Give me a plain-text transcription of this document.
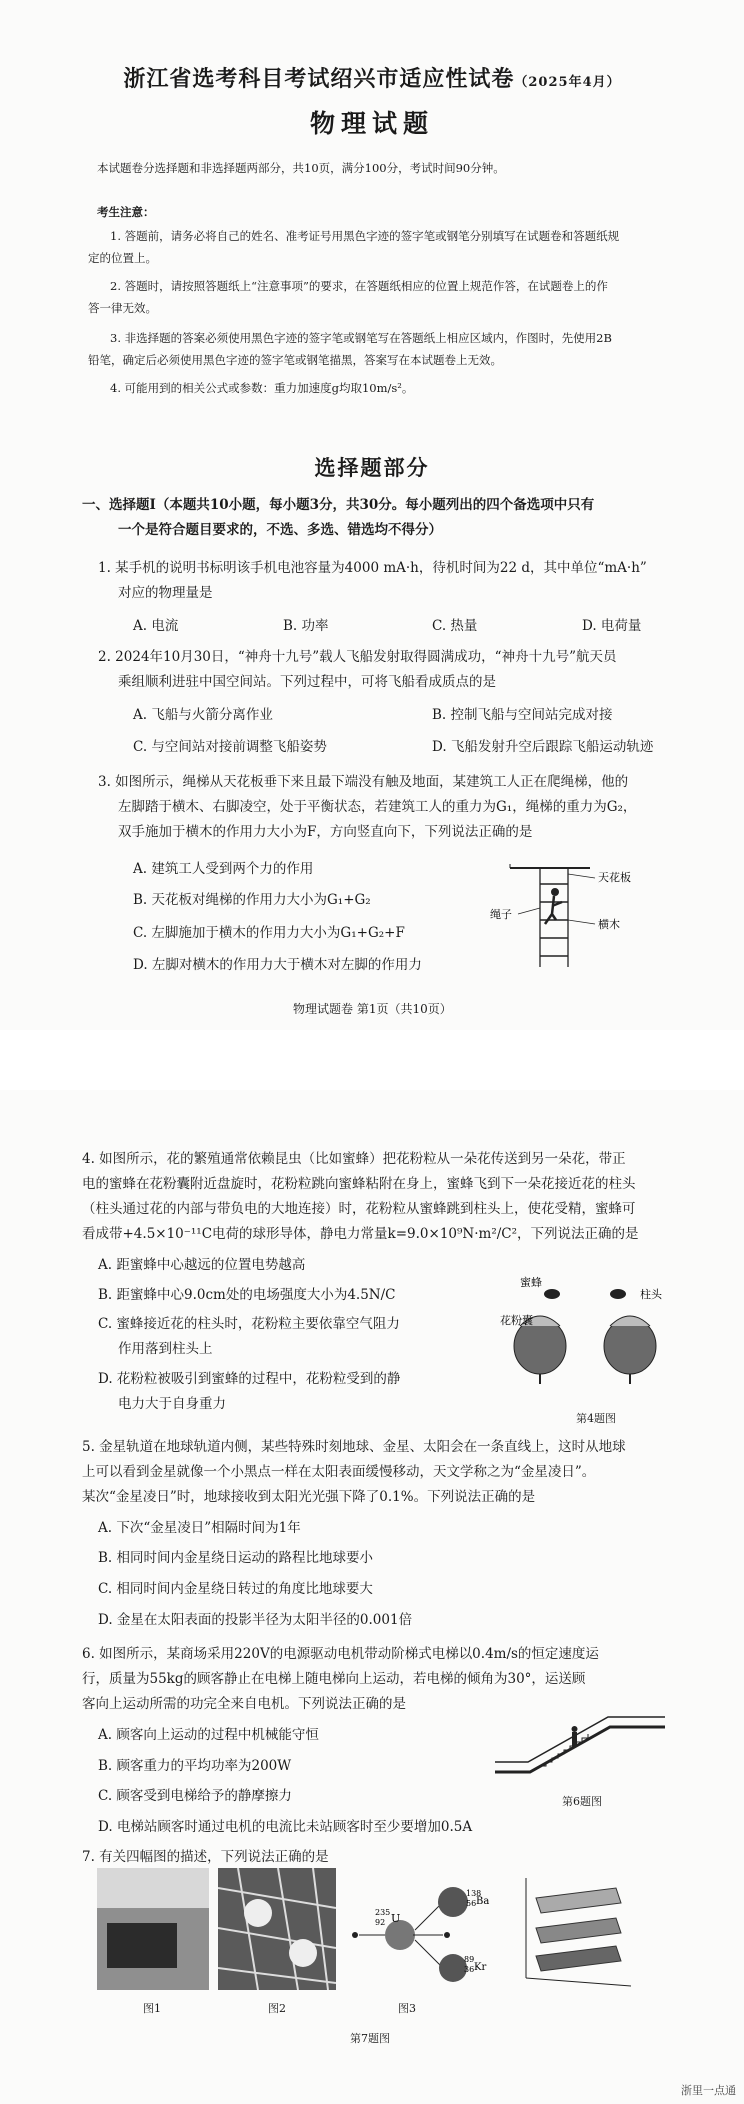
浙江省选考科目考试绍兴市适应性试卷（2025年4月）
物理试题
本试题卷分选择题和非选择题两部分，共10页，满分100分，考试时间90分钟。
考生注意：
1. 答题前，请务必将自己的姓名、准考证号用黑色字迹的签字笔或钢笔分别填写在试题卷和答题纸规
定的位置上。
2. 答题时，请按照答题纸上“注意事项”的要求，在答题纸相应的位置上规范作答，在试题卷上的作
答一律无效。
3. 非选择题的答案必须使用黑色字迹的签字笔或钢笔写在答题纸上相应区域内，作图时，先使用2B
铅笔，确定后必须使用黑色字迹的签字笔或钢笔描黑，答案写在本试题卷上无效。
4. 可能用到的相关公式或参数：重力加速度g均取10m/s²。
选择题部分
一、选择题Ⅰ（本题共10小题，每小题3分，共30分。每小题列出的四个备选项中只有
一个是符合题目要求的，不选、多选、错选均不得分）
1. 某手机的说明书标明该手机电池容量为4000 mA·h，待机时间为22 d，其中单位“mA·h”
对应的物理量是
A. 电流	B. 功率	C. 热量	D. 电荷量
2. 2024年10月30日，“神舟十九号”载人飞船发射取得圆满成功，“神舟十九号”航天员
乘组顺利进驻中国空间站。下列过程中，可将飞船看成质点的是
A. 飞船与火箭分离作业	B. 控制飞船与空间站完成对接
C. 与空间站对接前调整飞船姿势	D. 飞船发射升空后跟踪飞船运动轨迹
3. 如图所示，绳梯从天花板垂下来且最下端没有触及地面，某建筑工人正在爬绳梯，他的
左脚踏于横木、右脚凌空，处于平衡状态，若建筑工人的重力为G₁，绳梯的重力为G₂，
双手施加于横木的作用力大小为F，方向竖直向下，下列说法正确的是
A. 建筑工人受到两个力的作用
B. 天花板对绳梯的作用力大小为G₁+G₂
C. 左脚施加于横木的作用力大小为G₁+G₂+F
D. 左脚对横木的作用力大于横木对左脚的作用力
天花板
绳子
横木
物理试题卷 第1页（共10页）
4. 如图所示，花的繁殖通常依赖昆虫（比如蜜蜂）把花粉粒从一朵花传送到另一朵花，带正
电的蜜蜂在花粉囊附近盘旋时，花粉粒跳向蜜蜂粘附在身上，蜜蜂飞到下一朵花接近花的柱头
（柱头通过花的内部与带负电的大地连接）时，花粉粒从蜜蜂跳到柱头上，使花受精，蜜蜂可
看成带+4.5×10⁻¹¹C电荷的球形导体，静电力常量k=9.0×10⁹N·m²/C²，下列说法正确的是
A. 距蜜蜂中心越远的位置电势越高
B. 距蜜蜂中心9.0cm处的电场强度大小为4.5N/C
C. 蜜蜂接近花的柱头时，花粉粒主要依靠空气阻力
作用落到柱头上
D. 花粉粒被吸引到蜜蜂的过程中，花粉粒受到的静
电力大于自身重力
蜜蜂
花粉囊
柱头
第4题图
5. 金星轨道在地球轨道内侧，某些特殊时刻地球、金星、太阳会在一条直线上，这时从地球
上可以看到金星就像一个小黑点一样在太阳表面缓慢移动，天文学称之为“金星凌日”。
某次“金星凌日”时，地球接收到太阳光光强下降了0.1%。下列说法正确的是
A. 下次“金星凌日”相隔时间为1年
B. 相同时间内金星绕日运动的路程比地球要小
C. 相同时间内金星绕日转过的角度比地球要大
D. 金星在太阳表面的投影半径为太阳半径的0.001倍
6. 如图所示，某商场采用220V的电源驱动电机带动阶梯式电梯以0.4m/s的恒定速度运
行，质量为55kg的顾客静止在电梯上随电梯向上运动，若电梯的倾角为30°，运送顾
客向上运动所需的功完全来自电机。下列说法正确的是
A. 顾客向上运动的过程中机械能守恒
B. 顾客重力的平均功率为200W
C. 顾客受到电梯给予的静摩擦力
D. 电梯站顾客时通过电机的电流比未站顾客时至少要增加0.5A
第6题图
7. 有关四幅图的描述，下列说法正确的是
235
92 U
138
56 Ba
89
36 Kr
图1	图2	图3
第7题图
浙里一点通
